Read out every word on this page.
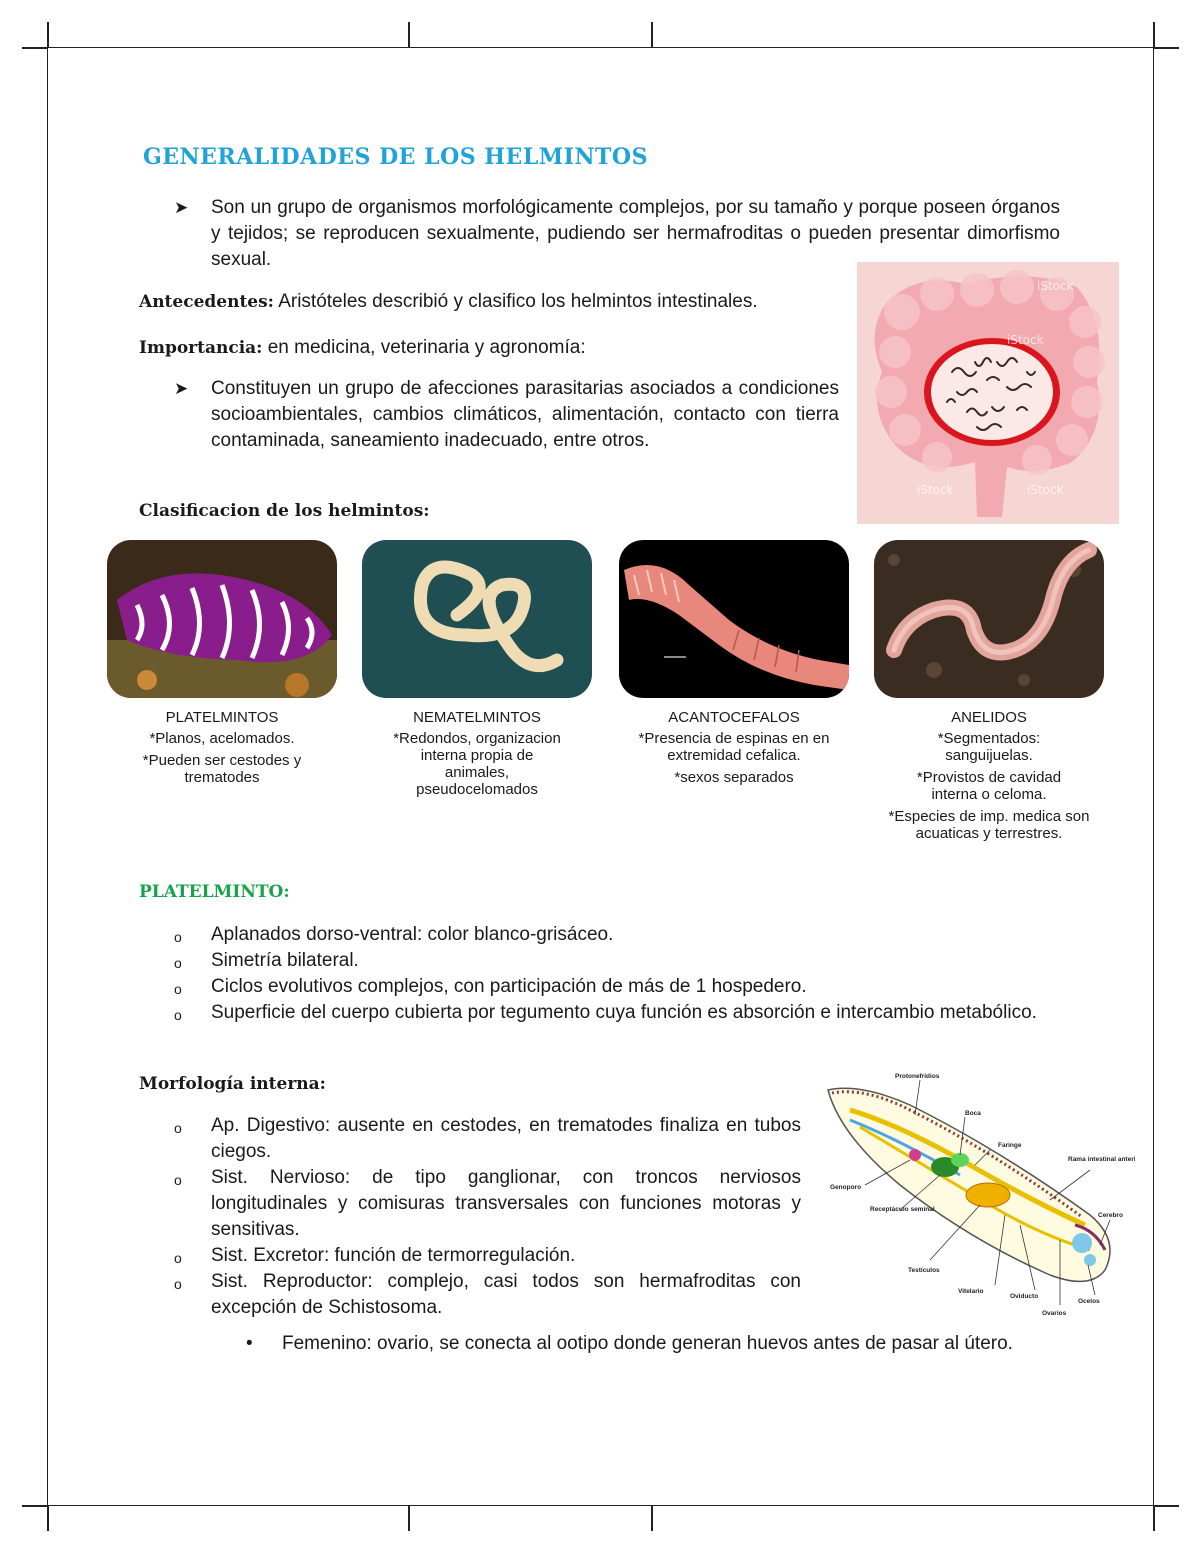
GENERALIDADES DE LOS HELMINTOS
➤ Son un grupo de organismos morfológicamente complejos, por su tamaño y porque poseen órganos y tejidos; se reproducen sexualmente, pudiendo ser hermafroditas o pueden presentar dimorfismo sexual.
Antecedentes: Aristóteles describió y clasifico los helmintos intestinales.
Importancia: en medicina, veterinaria y agronomía:
➤ Constituyen un grupo de afecciones parasitarias asociados a condiciones socioambientales, cambios climáticos, alimentación, contacto con tierra contaminada, saneamiento inadecuado, entre otros.
iStock
iStock
iStock	iStock
Clasificacion de los helmintos:
PLATELMINTOS
*Planos, acelomados.
*Pueden ser cestodes y trematodes
NEMATELMINTOS
*Redondos, organizacion interna propia de animales, pseudocelomados
ACANTOCEFALOS
*Presencia de espinas en en extremidad cefalica.
*sexos separados
ANELIDOS
*Segmentados: sanguijuelas.
*Provistos de cavidad interna o celoma.
*Especies de imp. medica son acuaticas y terrestres.
PLATELMINTO:
o Aplanados dorso-ventral: color blanco-grisáceo.
o Simetría bilateral.
o Ciclos evolutivos complejos, con participación de más de 1 hospedero.
o Superficie del cuerpo cubierta por tegumento cuya función es absorción e intercambio metabólico.
Morfología interna:
o Ap. Digestivo: ausente en cestodes, en trematodes finaliza en tubos ciegos.
o Sist. Nervioso: de tipo ganglionar, con troncos nerviosos longitudinales y comisuras transversales con funciones motoras y sensitivas.
o Sist. Excretor: función de termorregulación.
o Sist. Reproductor: complejo, casi todos son hermafroditas con excepción de Schistosoma.
• Femenino: ovario, se conecta al ootipo donde generan huevos antes de pasar al útero.
Protonefridios
Boca
Faringe
Rama intestinal anterior
Cerebro
Genoporo
Receptáculo seminal
Testículos
Vitelario
Oviducto
Ovarios
Ocelos
